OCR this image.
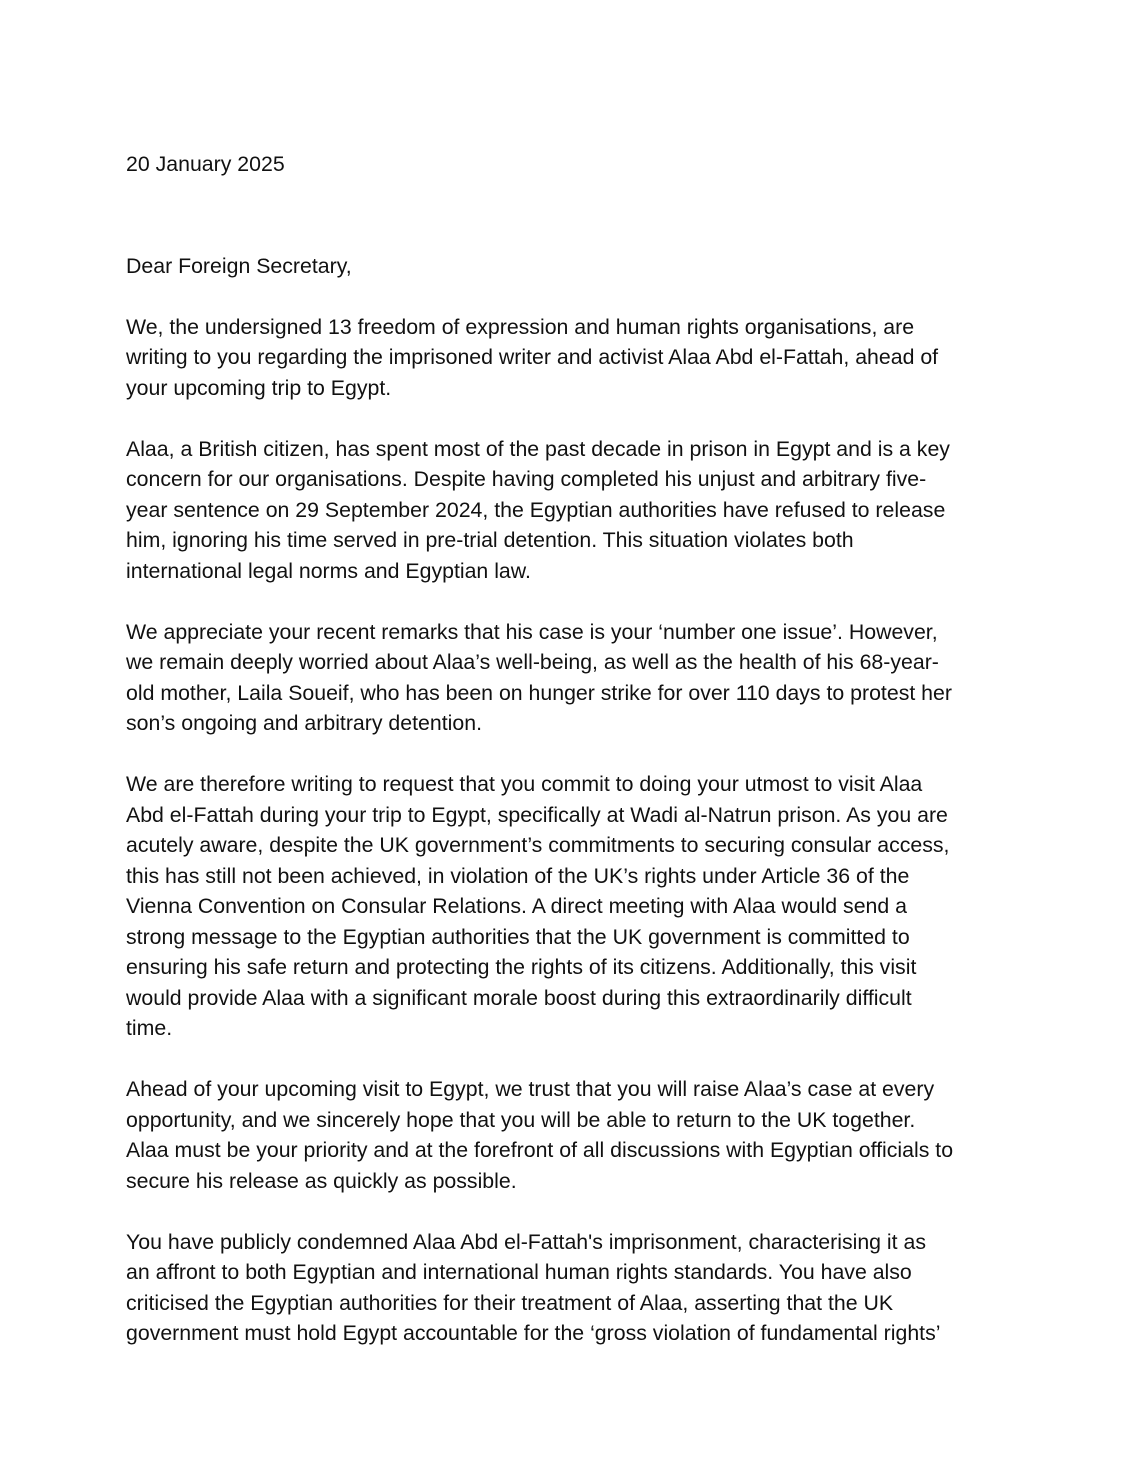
20 January 2025
Dear Foreign Secretary,
We, the undersigned 13 freedom of expression and human rights organisations, are
writing to you regarding the imprisoned writer and activist Alaa Abd el-Fattah, ahead of
your upcoming trip to Egypt.
Alaa, a British citizen, has spent most of the past decade in prison in Egypt and is a key
concern for our organisations. Despite having completed his unjust and arbitrary five-
year sentence on 29 September 2024, the Egyptian authorities have refused to release
him, ignoring his time served in pre-trial detention. This situation violates both
international legal norms and Egyptian law.
We appreciate your recent remarks that his case is your ‘number one issue’. However,
we remain deeply worried about Alaa’s well-being, as well as the health of his 68-year-
old mother, Laila Soueif, who has been on hunger strike for over 110 days to protest her
son’s ongoing and arbitrary detention.
We are therefore writing to request that you commit to doing your utmost to visit Alaa
Abd el-Fattah during your trip to Egypt, specifically at Wadi al-Natrun prison. As you are
acutely aware, despite the UK government’s commitments to securing consular access,
this has still not been achieved, in violation of the UK’s rights under Article 36 of the
Vienna Convention on Consular Relations. A direct meeting with Alaa would send a
strong message to the Egyptian authorities that the UK government is committed to
ensuring his safe return and protecting the rights of its citizens. Additionally, this visit
would provide Alaa with a significant morale boost during this extraordinarily difficult
time.
Ahead of your upcoming visit to Egypt, we trust that you will raise Alaa’s case at every
opportunity, and we sincerely hope that you will be able to return to the UK together.
Alaa must be your priority and at the forefront of all discussions with Egyptian officials to
secure his release as quickly as possible.
You have publicly condemned Alaa Abd el-Fattah's imprisonment, characterising it as
an affront to both Egyptian and international human rights standards. You have also
criticised the Egyptian authorities for their treatment of Alaa, asserting that the UK
government must hold Egypt accountable for the ‘gross violation of fundamental rights’
